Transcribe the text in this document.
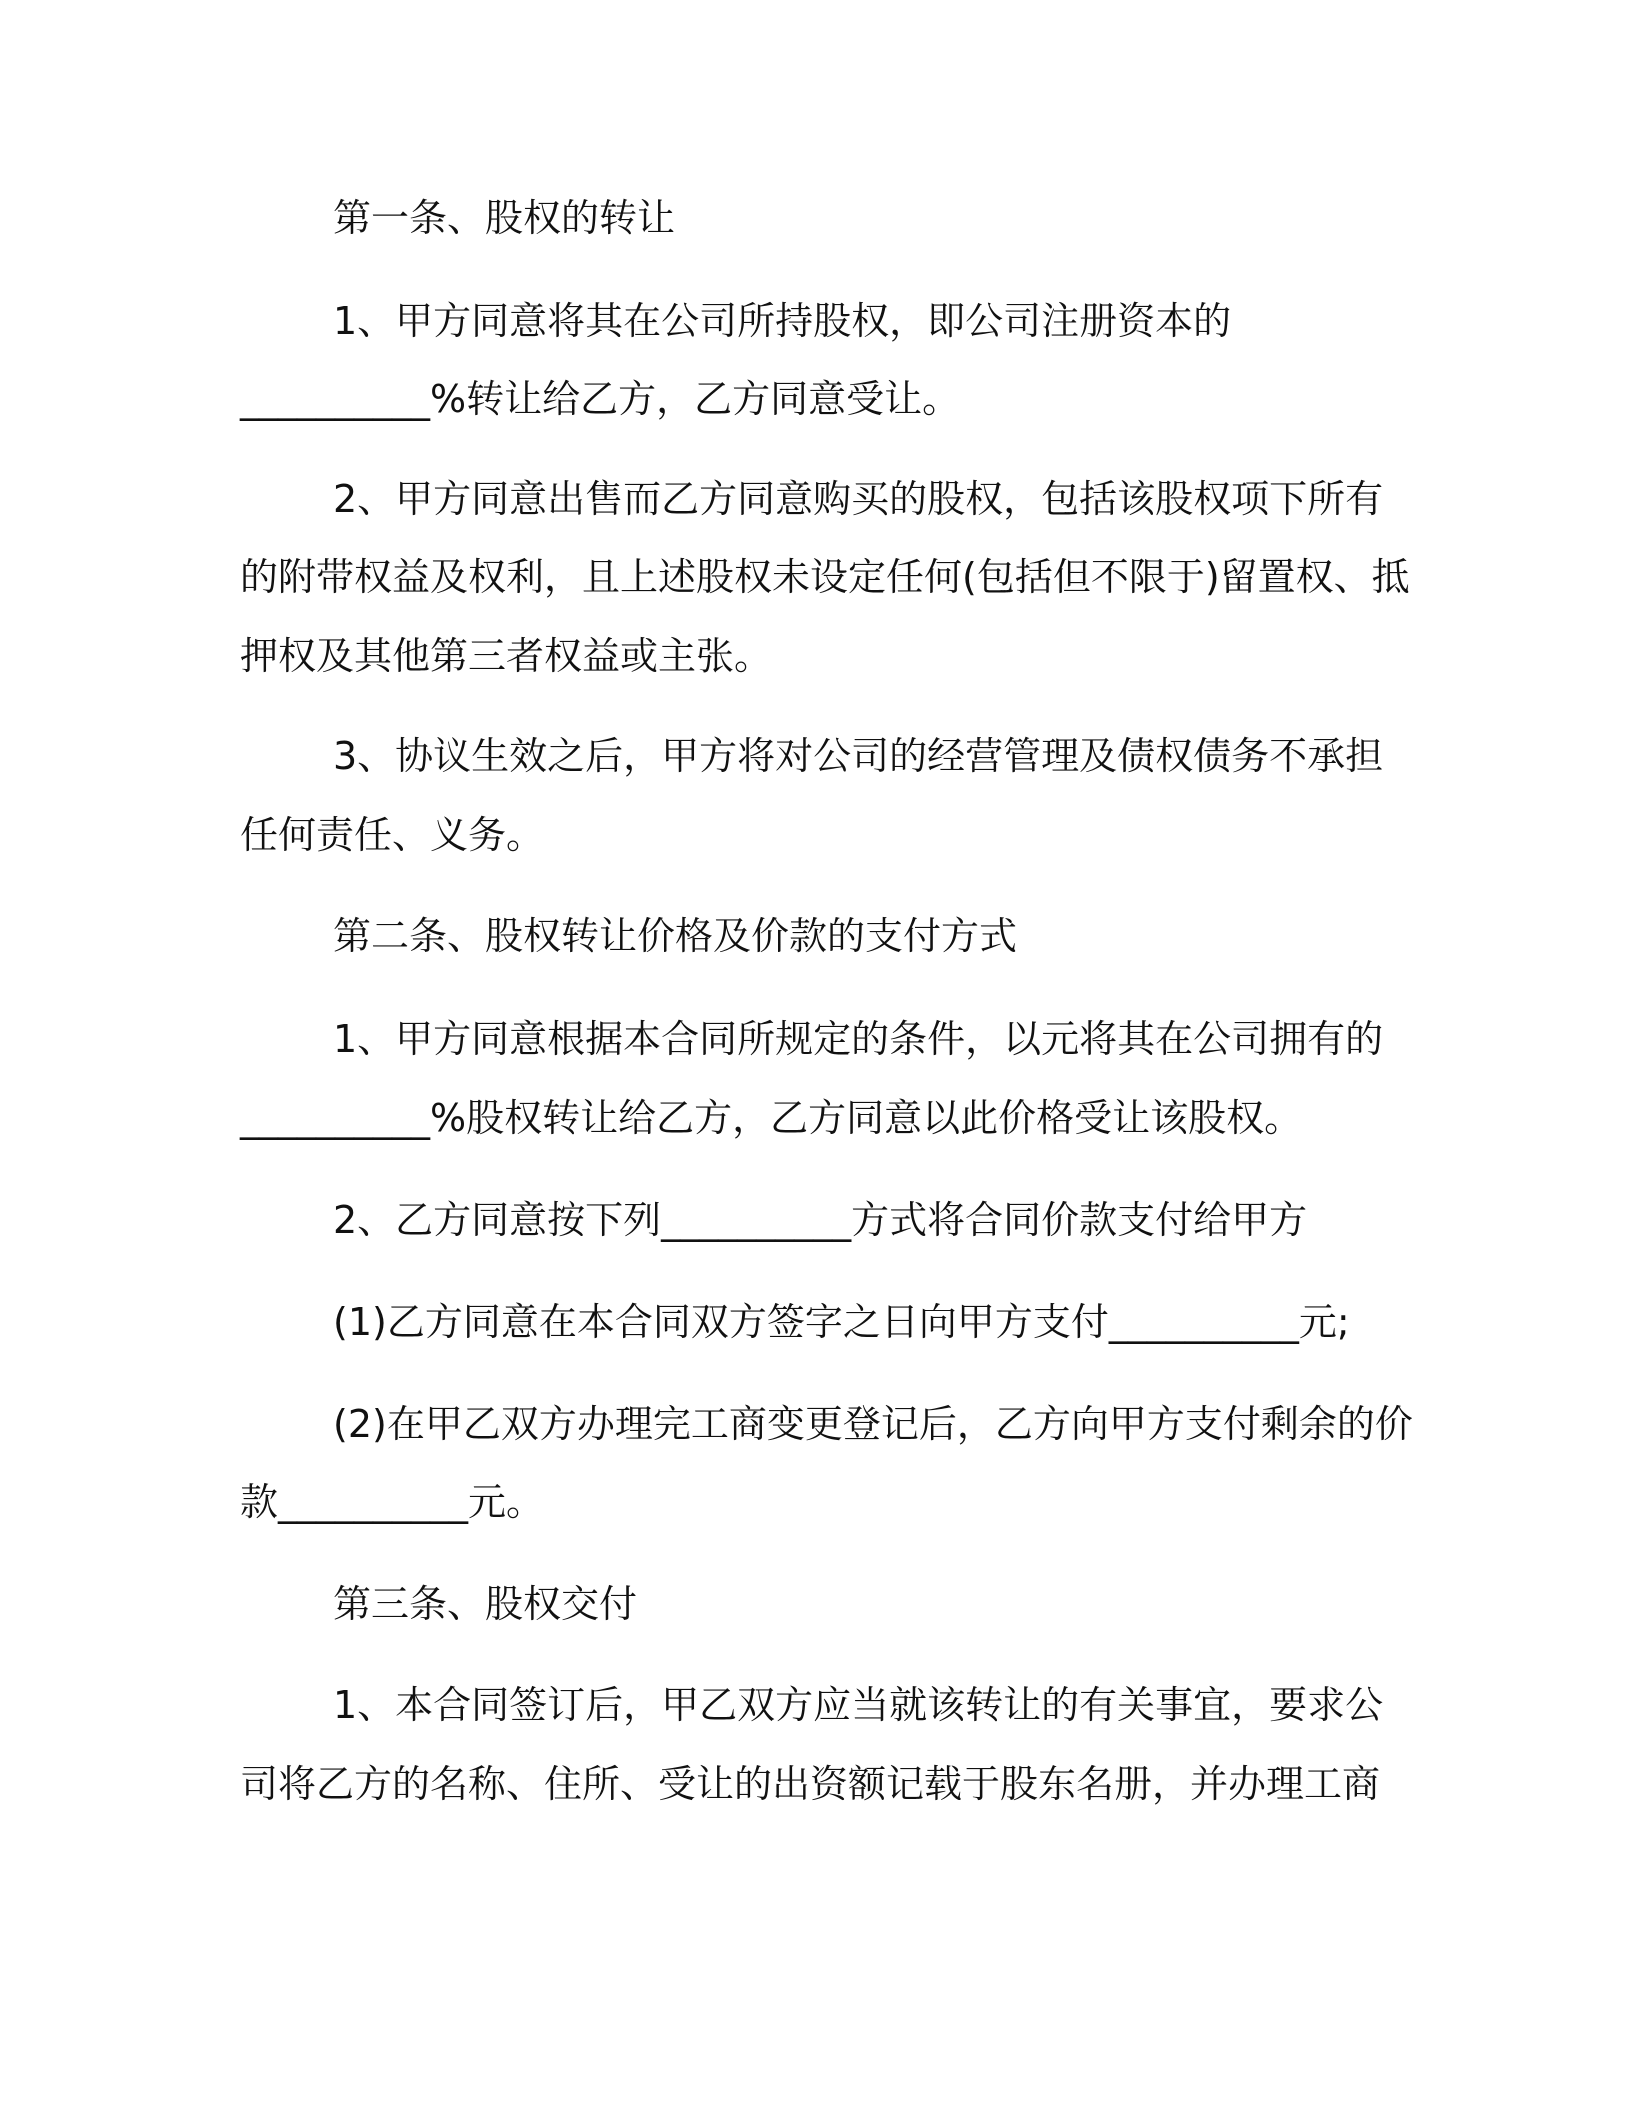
第一条、股权的转让
1、甲方同意将其在公司所持股权，即公司注册资本的
__________%转让给乙方，乙方同意受让。
2、甲方同意出售而乙方同意购买的股权，包括该股权项下所有
的附带权益及权利，且上述股权未设定任何(包括但不限于)留置权、抵
押权及其他第三者权益或主张。
3、协议生效之后，甲方将对公司的经营管理及债权债务不承担
任何责任、义务。
第二条、股权转让价格及价款的支付方式
1、甲方同意根据本合同所规定的条件，以元将其在公司拥有的
__________%股权转让给乙方，乙方同意以此价格受让该股权。
2、乙方同意按下列__________方式将合同价款支付给甲方
(1)乙方同意在本合同双方签字之日向甲方支付__________元;
(2)在甲乙双方办理完工商变更登记后，乙方向甲方支付剩余的价
款__________元。
第三条、股权交付
1、本合同签订后，甲乙双方应当就该转让的有关事宜，要求公
司将乙方的名称、住所、受让的出资额记载于股东名册，并办理工商
